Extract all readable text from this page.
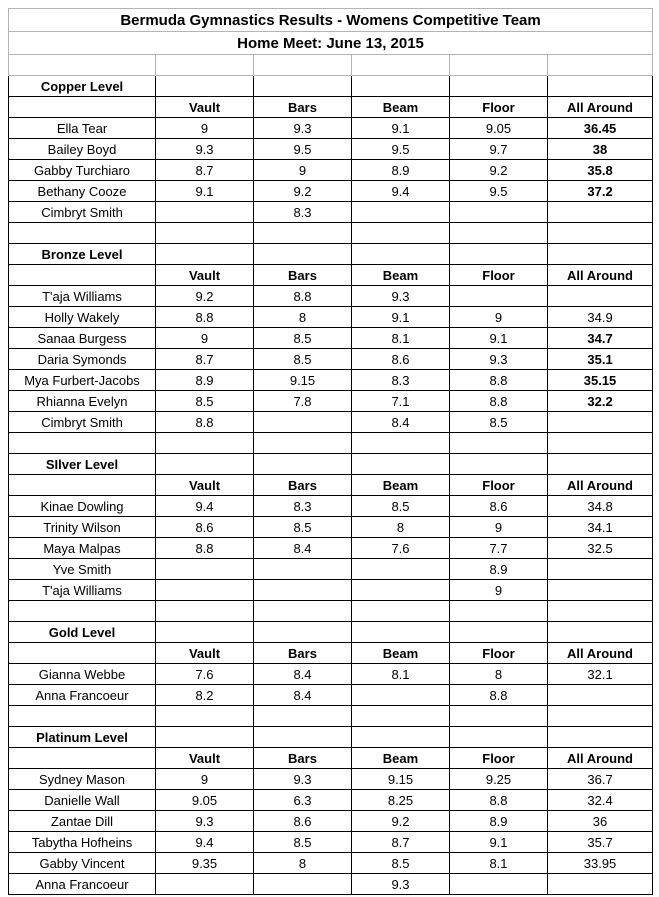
Bermuda Gymnastics Results - Womens Competitive Team					
Home Meet: June 13, 2015					

Copper Level					
	Vault	Bars	Beam	Floor	All Around
Ella Tear	9	9.3	9.1	9.05	36.45
Bailey Boyd	9.3	9.5	9.5	9.7	38
Gabby Turchiaro	8.7	9	8.9	9.2	35.8
Bethany Cooze	9.1	9.2	9.4	9.5	37.2
Cimbryt Smith		8.3			

Bronze Level					
	Vault	Bars	Beam	Floor	All Around
T'aja Williams	9.2	8.8	9.3		
Holly Wakely	8.8	8	9.1	9	34.9
Sanaa Burgess	9	8.5	8.1	9.1	34.7
Daria Symonds	8.7	8.5	8.6	9.3	35.1
Mya Furbert-Jacobs	8.9	9.15	8.3	8.8	35.15
Rhianna Evelyn	8.5	7.8	7.1	8.8	32.2
Cimbryt Smith	8.8		8.4	8.5	

SIlver Level					
	Vault	Bars	Beam	Floor	All Around
Kinae Dowling	9.4	8.3	8.5	8.6	34.8
Trinity Wilson	8.6	8.5	8	9	34.1
Maya Malpas	8.8	8.4	7.6	7.7	32.5
Yve Smith				8.9	
T'aja Williams				9	

Gold Level					
	Vault	Bars	Beam	Floor	All Around
Gianna Webbe	7.6	8.4	8.1	8	32.1
Anna Francoeur	8.2	8.4		8.8	

Platinum Level					
	Vault	Bars	Beam	Floor	All Around
Sydney Mason	9	9.3	9.15	9.25	36.7
Danielle Wall	9.05	6.3	8.25	8.8	32.4
Zantae Dill	9.3	8.6	9.2	8.9	36
Tabytha Hofheins	9.4	8.5	8.7	9.1	35.7
Gabby Vincent	9.35	8	8.5	8.1	33.95
Anna Francoeur			9.3		
